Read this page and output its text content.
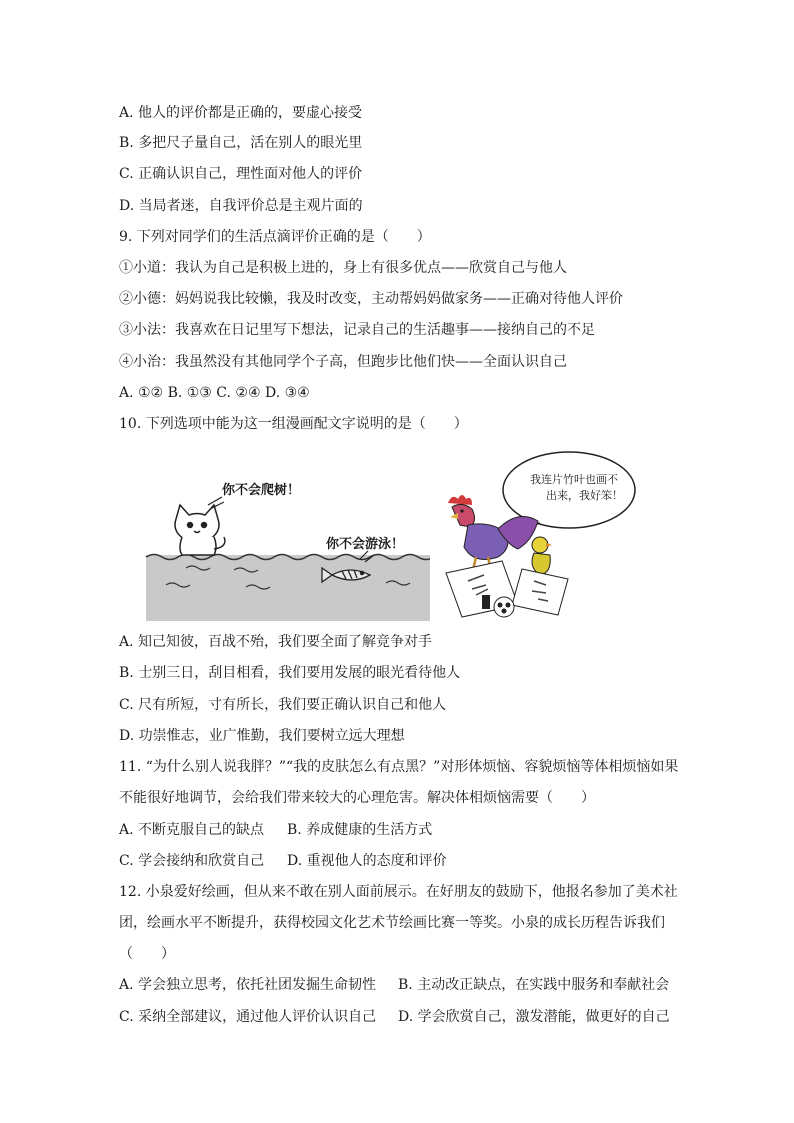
A. 他人的评价都是正确的，要虚心接受
B. 多把尺子量自己，活在别人的眼光里
C. 正确认识自己，理性面对他人的评价
D. 当局者迷，自我评价总是主观片面的
9. 下列对同学们的生活点滴评价正确的是（　　）
①小道：我认为自己是积极上进的，身上有很多优点——欣赏自己与他人
②小德：妈妈说我比较懒，我及时改变，主动帮妈妈做家务——正确对待他人评价
③小法：我喜欢在日记里写下想法，记录自己的生活趣事——接纳自己的不足
④小治：我虽然没有其他同学个子高，但跑步比他们快——全面认识自己
A. ①② B. ①③ C. ②④ D. ③④
10. 下列选项中能为这一组漫画配文字说明的是（　　）
你不会爬树！
你不会游泳！
我连片竹叶也画不
出来，我好笨！
A. 知己知彼，百战不殆，我们要全面了解竞争对手
B. 士别三日，刮目相看，我们要用发展的眼光看待他人
C. 尺有所短，寸有所长，我们要正确认识自己和他人
D. 功崇惟志，业广惟勤，我们要树立远大理想
11. “为什么别人说我胖？”“我的皮肤怎么有点黑？”对形体烦恼、容貌烦恼等体相烦恼如果
不能很好地调节，会给我们带来较大的心理危害。解决体相烦恼需要（　　）
A. 不断克服自己的缺点 B. 养成健康的生活方式
C. 学会接纳和欣赏自己 D. 重视他人的态度和评价
12. 小泉爱好绘画，但从来不敢在别人面前展示。在好朋友的鼓励下，他报名参加了美术社
团，绘画水平不断提升，获得校园文化艺术节绘画比赛一等奖。小泉的成长历程告诉我们
（　　）
A. 学会独立思考，依托社团发掘生命韧性 B. 主动改正缺点，在实践中服务和奉献社会
C. 采纳全部建议，通过他人评价认识自己 D. 学会欣赏自己，激发潜能，做更好的自己
